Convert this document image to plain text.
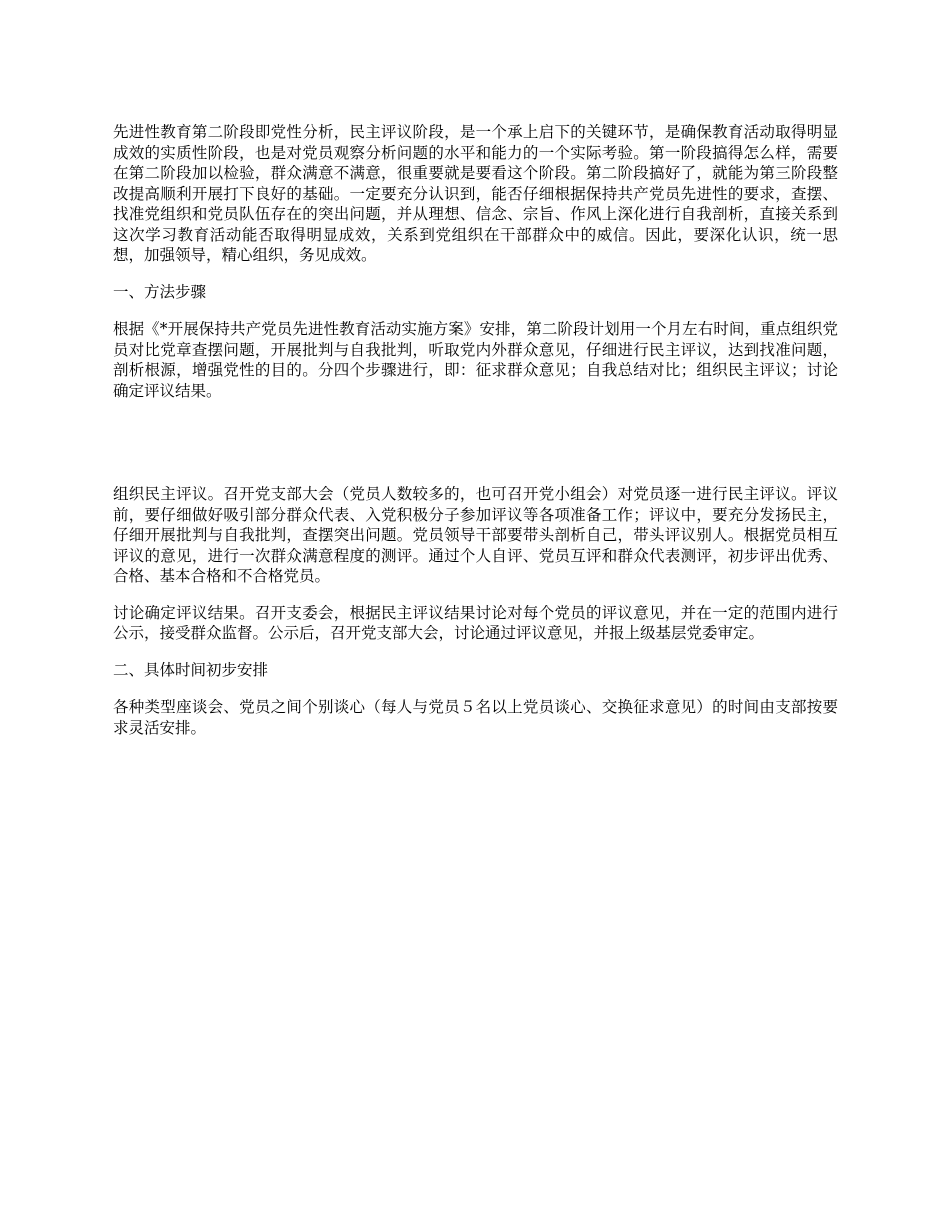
先进性教育第二阶段即党性分析，民主评议阶段，是一个承上启下的关键环节，是确保教育活动取得明显成效的实质性阶段，也是对党员观察分析问题的水平和能力的一个实际考验。第一阶段搞得怎么样，需要在第二阶段加以检验，群众满意不满意，很重要就是要看这个阶段。第二阶段搞好了，就能为第三阶段整改提高顺利开展打下良好的基础。一定要充分认识到，能否仔细根据保持共产党员先进性的要求，查摆、找准党组织和党员队伍存在的突出问题，并从理想、信念、宗旨、作风上深化进行自我剖析，直接关系到这次学习教育活动能否取得明显成效，关系到党组织在干部群众中的威信。因此，要深化认识，统一思想，加强领导，精心组织，务见成效。

一、方法步骤

根据《*开展保持共产党员先进性教育活动实施方案》安排，第二阶段计划用一个月左右时间，重点组织党员对比党章查摆问题，开展批判与自我批判，听取党内外群众意见，仔细进行民主评议，达到找准问题，剖析根源，增强党性的目的。分四个步骤进行，即：征求群众意见；自我总结对比；组织民主评议；讨论确定评议结果。

组织民主评议。召开党支部大会（党员人数较多的，也可召开党小组会）对党员逐一进行民主评议。评议前，要仔细做好吸引部分群众代表、入党积极分子参加评议等各项准备工作；评议中，要充分发扬民主，仔细开展批判与自我批判，查摆突出问题。党员领导干部要带头剖析自己，带头评议别人。根据党员相互评议的意见，进行一次群众满意程度的测评。通过个人自评、党员互评和群众代表测评，初步评出优秀、合格、基本合格和不合格党员。

讨论确定评议结果。召开支委会，根据民主评议结果讨论对每个党员的评议意见，并在一定的范围内进行公示，接受群众监督。公示后，召开党支部大会，讨论通过评议意见，并报上级基层党委审定。

二、具体时间初步安排

各种类型座谈会、党员之间个别谈心（每人与党员５名以上党员谈心、交换征求意见）的时间由支部按要求灵活安排。
